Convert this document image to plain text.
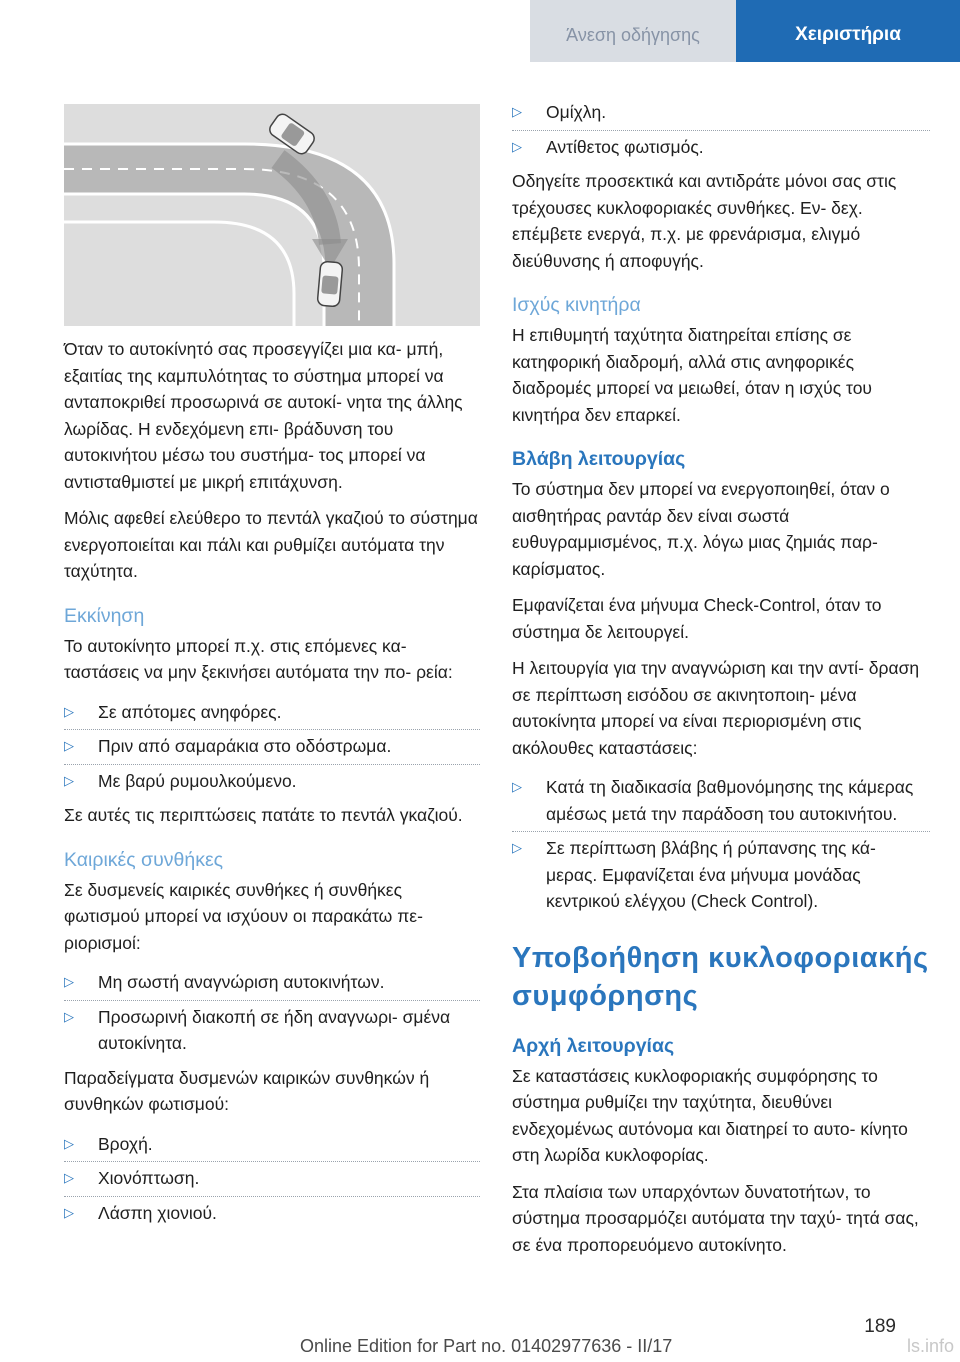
Άνεση οδήγησης	Χειριστήρια

Όταν το αυτοκίνητό σας προσεγγίζει μια κα‐ μπή, εξαιτίας της καμπυλότητας το σύστημα μπορεί να ανταποκριθεί προσωρινά σε αυτοκί‐ νητα της άλλης λωρίδας. Η ενδεχόμενη επι‐ βράδυνση του αυτοκινήτου μέσω του συστήμα‐ τος μπορεί να αντισταθμιστεί με μικρή επιτάχυνση.

Μόλις αφεθεί ελεύθερο το πεντάλ γκαζιού το σύστημα ενεργοποιείται και πάλι και ρυθμίζει αυτόματα την ταχύτητα.

Εκκίνηση

Το αυτοκίνητο μπορεί π.χ. στις επόμενες κα‐ ταστάσεις να μην ξεκινήσει αυτόματα την πο‐ ρεία:

▷ Σε απότομες ανηφόρες.
▷ Πριν από σαμαράκια στο οδόστρωμα.
▷ Με βαρύ ρυμουλκούμενο.

Σε αυτές τις περιπτώσεις πατάτε το πεντάλ γκαζιού.

Καιρικές συνθήκες

Σε δυσμενείς καιρικές συνθήκες ή συνθήκες φωτισμού μπορεί να ισχύουν οι παρακάτω πε‐ ριορισμοί:

▷ Μη σωστή αναγνώριση αυτοκινήτων.
▷ Προσωρινή διακοπή σε ήδη αναγνωρι‐ σμένα αυτοκίνητα.

Παραδείγματα δυσμενών καιρικών συνθηκών ή συνθηκών φωτισμού:

▷ Βροχή.
▷ Χιονόπτωση.
▷ Λάσπη χιονιού.
▷ Ομίχλη.
▷ Αντίθετος φωτισμός.

Οδηγείτε προσεκτικά και αντιδράτε μόνοι σας στις τρέχουσες κυκλοφοριακές συνθήκες. Εν‐ δεχ. επέμβετε ενεργά, π.χ. με φρενάρισμα, ελιγμό διεύθυνσης ή αποφυγής.

Ισχύς κινητήρα

Η επιθυμητή ταχύτητα διατηρείται επίσης σε κατηφορική διαδρομή, αλλά στις ανηφορικές διαδρομές μπορεί να μειωθεί, όταν η ισχύς του κινητήρα δεν επαρκεί.

Βλάβη λειτουργίας

Το σύστημα δεν μπορεί να ενεργοποιηθεί, όταν ο αισθητήρας ραντάρ δεν είναι σωστά ευθυγραμμισμένος, π.χ. λόγω μιας ζημιάς παρ‐ καρίσματος.

Εμφανίζεται ένα μήνυμα Check-Control, όταν το σύστημα δε λειτουργεί.

Η λειτουργία για την αναγνώριση και την αντί‐ δραση σε περίπτωση εισόδου σε ακινητοποιη‐ μένα αυτοκίνητα μπορεί να είναι περιορισμένη στις ακόλουθες καταστάσεις:

▷ Κατά τη διαδικασία βαθμονόμησης της κάμερας αμέσως μετά την παράδοση του αυτοκινήτου.
▷ Σε περίπτωση βλάβης ή ρύπανσης της κά‐ μερας. Εμφανίζεται ένα μήνυμα μονάδας κεντρικού ελέγχου (Check Control).
Υποβοήθηση κυκλοφοριακής συμφόρησης
Αρχή λειτουργίας

Σε καταστάσεις κυκλοφοριακής συμφόρησης το σύστημα ρυθμίζει την ταχύτητα, διευθύνει ενδεχομένως αυτόνομα και διατηρεί το αυτο‐ κίνητο στη λωρίδα κυκλοφορίας.

Στα πλαίσια των υπαρχόντων δυνατοτήτων, το σύστημα προσαρμόζει αυτόματα την ταχύ‐ τητά σας, σε ένα προπορευόμενο αυτοκίνητο.

189
Online Edition for Part no. 01402977636 - II/17	ls.info
